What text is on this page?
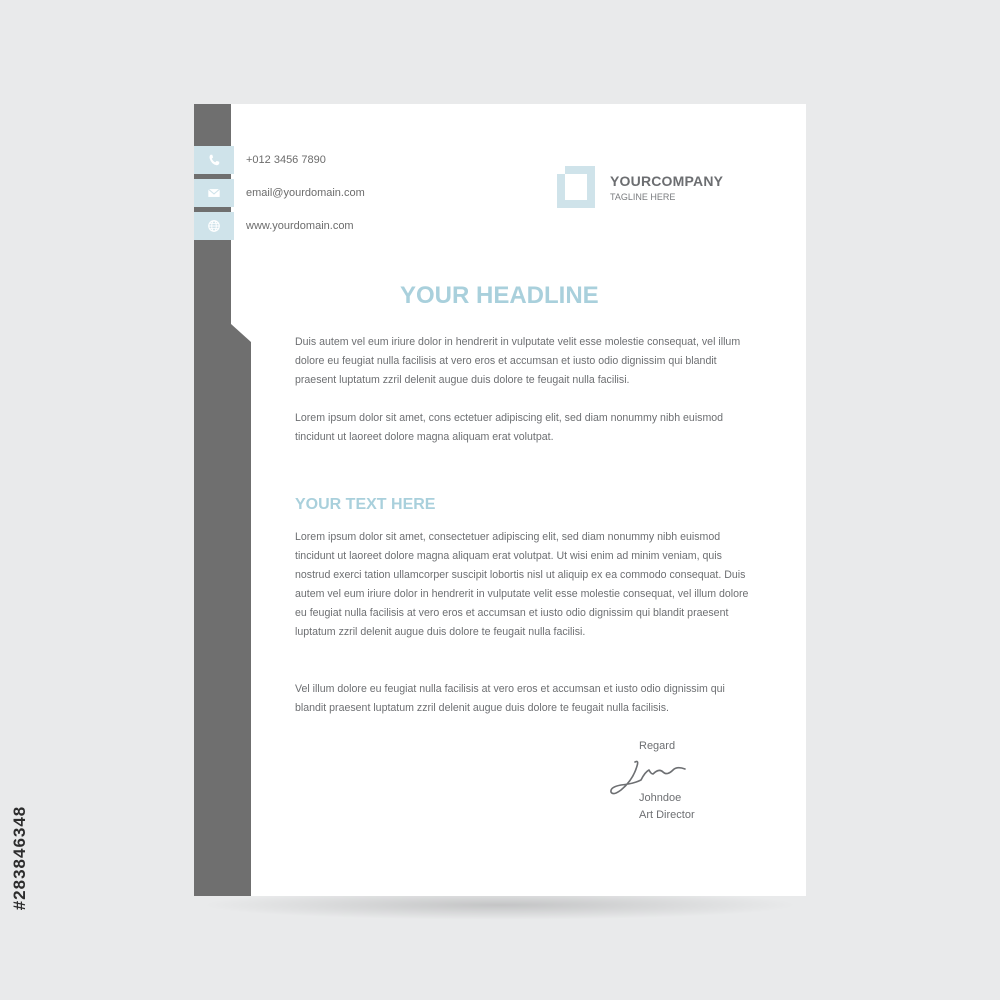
+012 3456 7890
email@yourdomain.com
www.yourdomain.com
YOURCOMPANY
TAGLINE HERE
YOUR HEADLINE

Duis autem vel eum iriure dolor in hendrerit in vulputate velit esse molestie consequat, vel illum dolore eu feugiat nulla facilisis at vero eros et accumsan et iusto odio dignissim qui blandit praesent luptatum zzril delenit augue duis dolore te feugait nulla facilisi.

Lorem ipsum dolor sit amet, cons ectetuer adipiscing elit, sed diam nonummy nibh euismod tincidunt ut laoreet dolore magna aliquam erat volutpat.

YOUR TEXT HERE

Lorem ipsum dolor sit amet, consectetuer adipiscing elit, sed diam nonummy nibh euismod tincidunt ut laoreet dolore magna aliquam erat volutpat. Ut wisi enim ad minim veniam, quis nostrud exerci tation ullamcorper suscipit lobortis nisl ut aliquip ex ea commodo consequat. Duis autem vel eum iriure dolor in hendrerit in vulputate velit esse molestie consequat, vel illum dolore eu feugiat nulla facilisis at vero eros et accumsan et iusto odio dignissim qui blandit praesent luptatum zzril delenit augue duis dolore te feugait nulla facilisi.

Vel illum dolore eu feugiat nulla facilisis at vero eros et accumsan et iusto odio dignissim qui blandit praesent luptatum zzril delenit augue duis dolore te feugait nulla facilisis.

Regard
Johndoe
Art Director
#283846348
